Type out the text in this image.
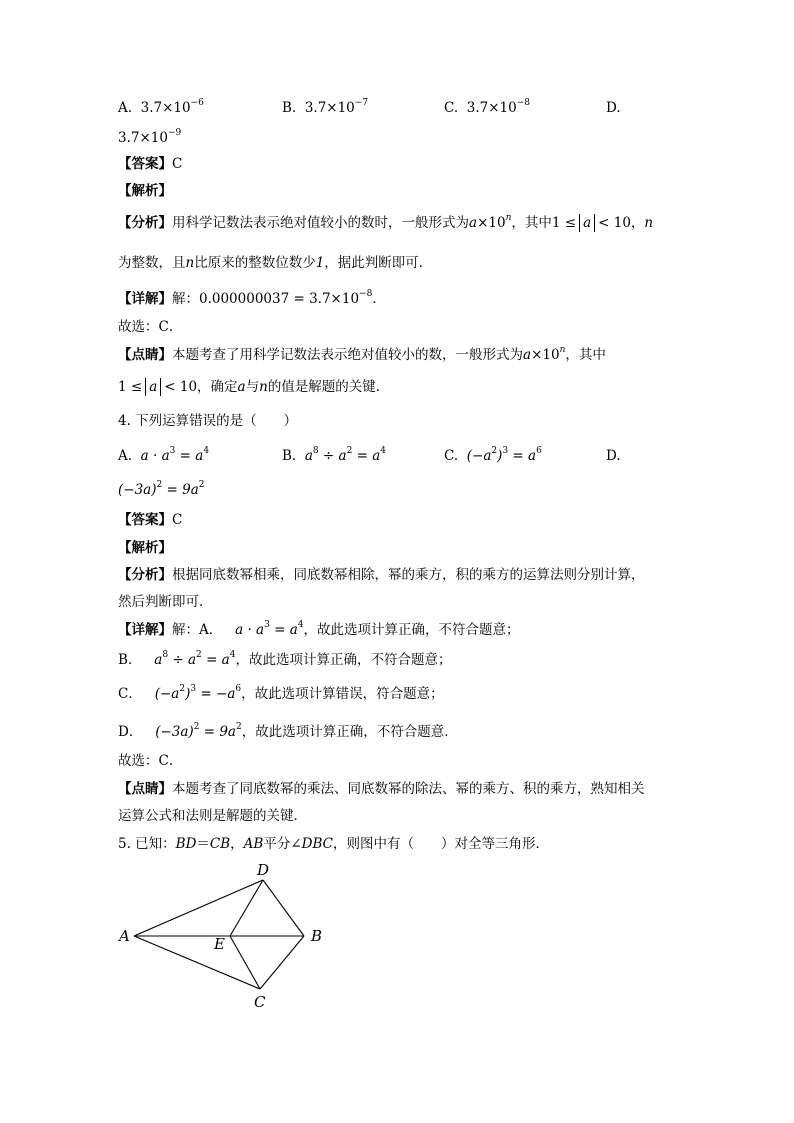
A. $3.7\times 10^{-6}$	B. $3.7\times 10^{-7}$	C. $3.7\times 10^{-8}$	D.
$3.7\times 10^{-9}$
【答案】C
【解析】
【分析】用科学记数法表示绝对值较小的数时，一般形式为$a\times 10^n$，其中1 ≤ a < 10，n
为整数，且n比原来的整数位数少1，据此判断即可．
【详解】解：$0.000000037 = 3.7\times 10^{-8}$．
故选：C．
【点睛】本题考查了用科学记数法表示绝对值较小的数，一般形式为$a\times 10^n$，其中
1 ≤ a < 10，确定a与n的值是解题的关键．
4. 下列运算错误的是（　　）
A. $a \cdot a^3 = a^4$	B. $a^8 \div a^2 = a^4$	C. $(-a^2)^3 = a^6$	D.
$(-3a)^2 = 9a^2$
【答案】C
【解析】
【分析】根据同底数幂相乘，同底数幂相除，幂的乘方，积的乘方的运算法则分别计算，
然后判断即可．
【详解】解：A． $a \cdot a^3 = a^4$，故此选项计算正确，不符合题意；
B． $a^8 \div a^2 = a^4$，故此选项计算正确，不符合题意；
C． $(-a^2)^3 = -a^6$，故此选项计算错误，符合题意；
D． $(-3a)^2 = 9a^2$，故此选项计算正确，不符合题意．
故选：C．
【点睛】本题考查了同底数幂的乘法、同底数幂的除法、幂的乘方、积的乘方，熟知相关
运算公式和法则是解题的关键．
5. 已知：BD＝CB，AB平分∠DBC，则图中有（　　）对全等三角形．
A	B
C
D
E
